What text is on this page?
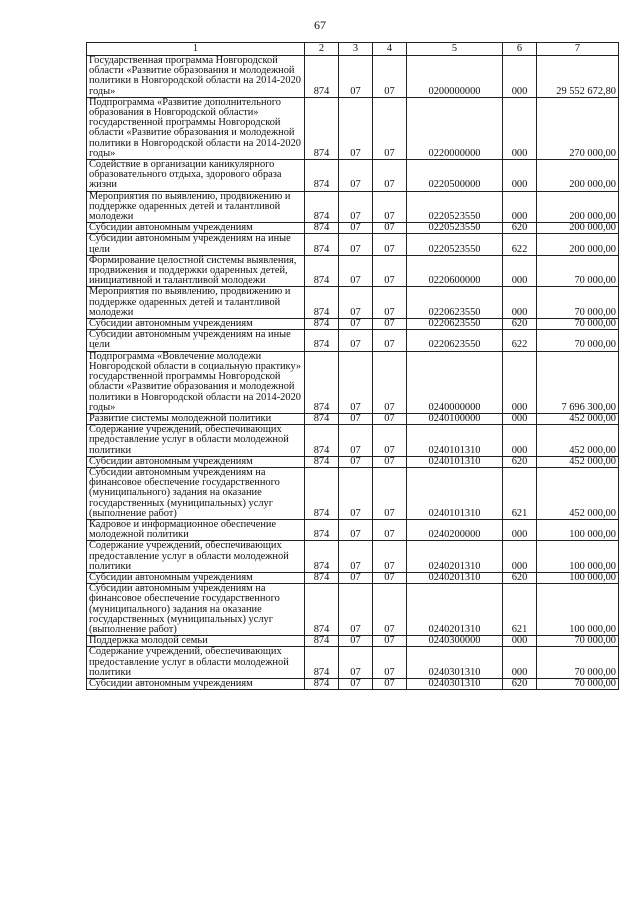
67
1	2	3	4	5	6	7
Государственная программа Новгородской области «Развитие образования и молодежной политики в Новгородской области на 2014-2020 годы»	874	07	07	0200000000	000	29 552 672,80
Подпрограмма «Развитие дополнительного образования в Новгородской области» государственной программы Новгородской области «Развитие образования и молодежной политики в Новгородской области на 2014-2020 годы»	874	07	07	0220000000	000	270 000,00
Содействие в организации каникулярного образовательного отдыха, здорового образа жизни	874	07	07	0220500000	000	200 000,00
Мероприятия по выявлению, продвижению и поддержке одаренных детей и талантливой молодежи	874	07	07	0220523550	000	200 000,00
Субсидии автономным учреждениям	874	07	07	0220523550	620	200 000,00
Субсидии автономным учреждениям на иные цели	874	07	07	0220523550	622	200 000,00
Формирование целостной системы выявления, продвижения и поддержки одаренных детей, инициативной и талантливой молодежи	874	07	07	0220600000	000	70 000,00
Мероприятия по выявлению, продвижению и поддержке одаренных детей и талантливой молодежи	874	07	07	0220623550	000	70 000,00
Субсидии автономным учреждениям	874	07	07	0220623550	620	70 000,00
Субсидии автономным учреждениям на иные цели	874	07	07	0220623550	622	70 000,00
Подпрограмма «Вовлечение молодежи Новгородской области в социальную практику» государственной программы Новгородской области «Развитие образования и молодежной политики в Новгородской области на 2014-2020 годы»	874	07	07	0240000000	000	7 696 300,00
Развитие системы молодежной политики	874	07	07	0240100000	000	452 000,00
Содержание учреждений, обеспечивающих предоставление услуг в области молодежной политики	874	07	07	0240101310	000	452 000,00
Субсидии автономным учреждениям	874	07	07	0240101310	620	452 000,00
Субсидии автономным учреждениям на финансовое обеспечение государственного (муниципального) задания на оказание государственных (муниципальных) услуг (выполнение работ)	874	07	07	0240101310	621	452 000,00
Кадровое и информационное обеспечение молодежной политики	874	07	07	0240200000	000	100 000,00
Содержание учреждений, обеспечивающих предоставление услуг в области молодежной политики	874	07	07	0240201310	000	100 000,00
Субсидии автономным учреждениям	874	07	07	0240201310	620	100 000,00
Субсидии автономным учреждениям на финансовое обеспечение государственного (муниципального) задания на оказание государственных (муниципальных) услуг (выполнение работ)	874	07	07	0240201310	621	100 000,00
Поддержка молодой семьи	874	07	07	0240300000	000	70 000,00
Содержание учреждений, обеспечивающих предоставление услуг в области молодежной политики	874	07	07	0240301310	000	70 000,00
Субсидии автономным учреждениям	874	07	07	0240301310	620	70 000,00
